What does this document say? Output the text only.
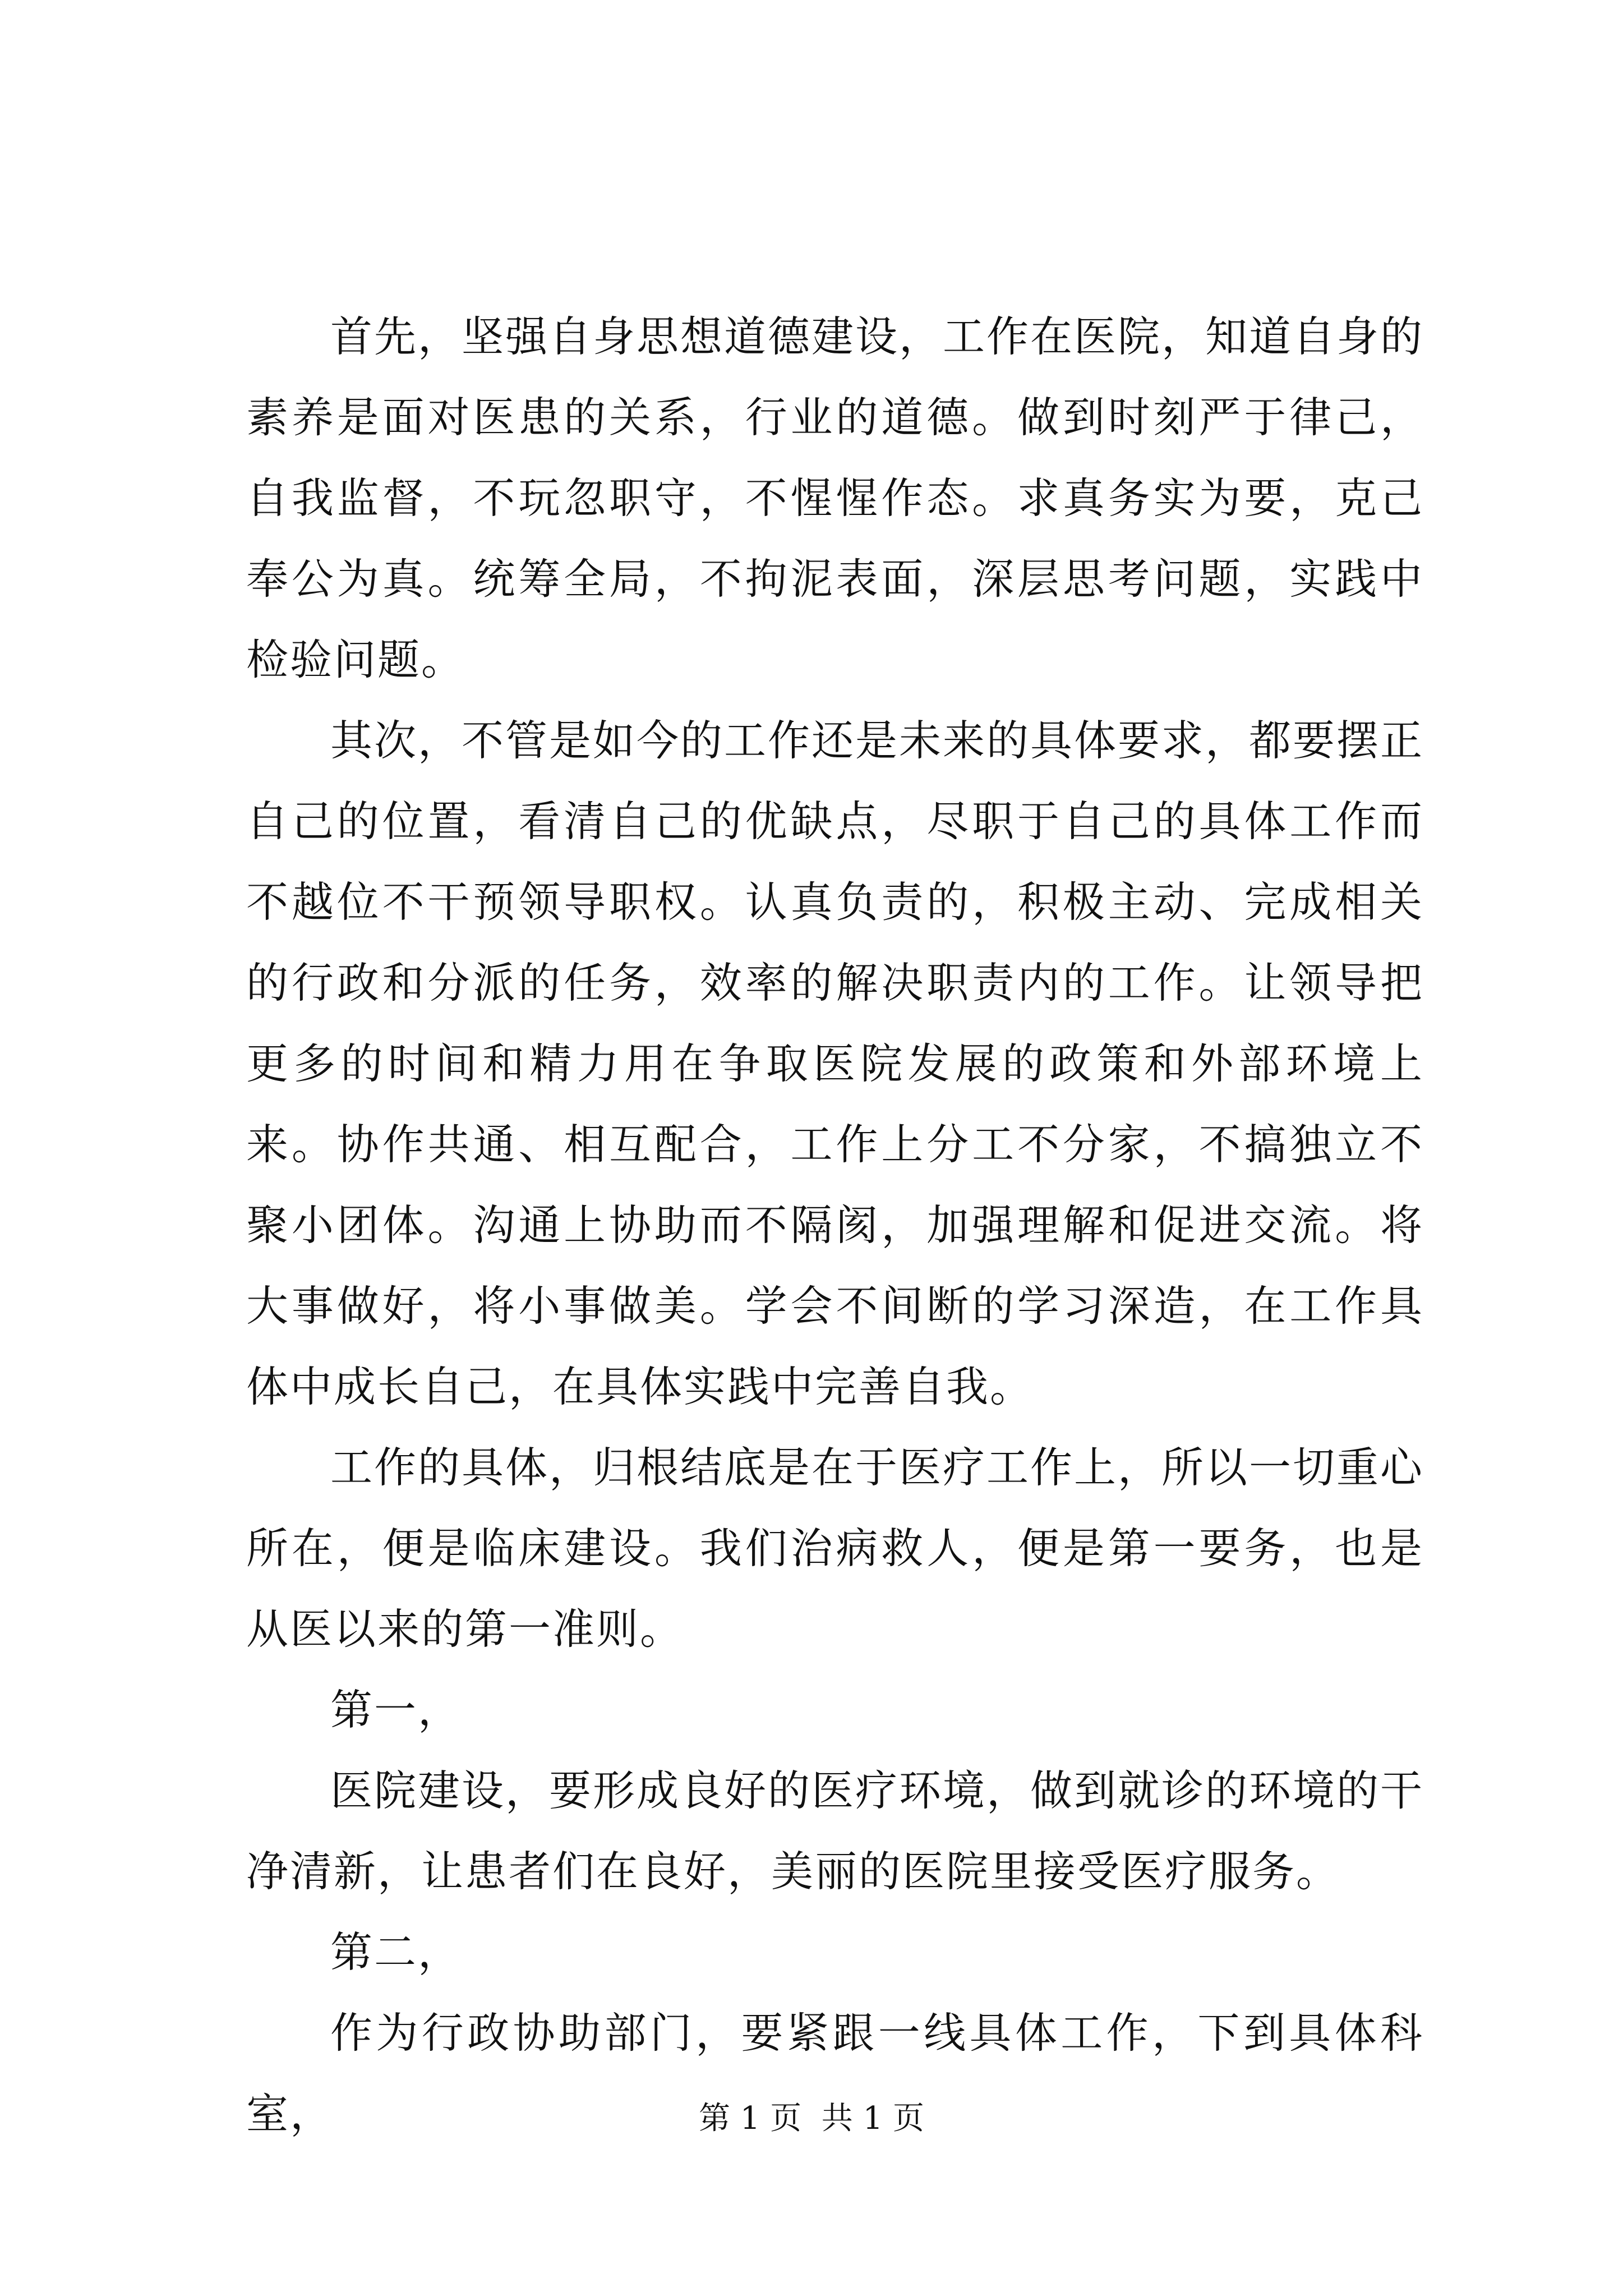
首先，坚强自身思想道德建设，工作在医院，知道自身的素养是面对医患的关系，行业的道德。做到时刻严于律己，自我监督，不玩忽职守，不惺惺作态。求真务实为要，克己奉公为真。统筹全局，不拘泥表面，深层思考问题，实践中检验问题。

其次，不管是如今的工作还是未来的具体要求，都要摆正自己的位置，看清自己的优缺点，尽职于自己的具体工作而不越位不干预领导职权。认真负责的，积极主动、完成相关的行政和分派的任务，效率的解决职责内的工作。让领导把更多的时间和精力用在争取医院发展的政策和外部环境上来。协作共通、相互配合，工作上分工不分家，不搞独立不聚小团体。沟通上协助而不隔阂，加强理解和促进交流。将大事做好，将小事做美。学会不间断的学习深造，在工作具体中成长自己，在具体实践中完善自我。

工作的具体，归根结底是在于医疗工作上，所以一切重心所在，便是临床建设。我们治病救人，便是第一要务，也是从医以来的第一准则。

第一，

医院建设，要形成良好的医疗环境，做到就诊的环境的干净清新，让患者们在良好，美丽的医院里接受医疗服务。

第二，

作为行政协助部门，要紧跟一线具体工作，下到具体科室，	第 1 页  共 1 页
